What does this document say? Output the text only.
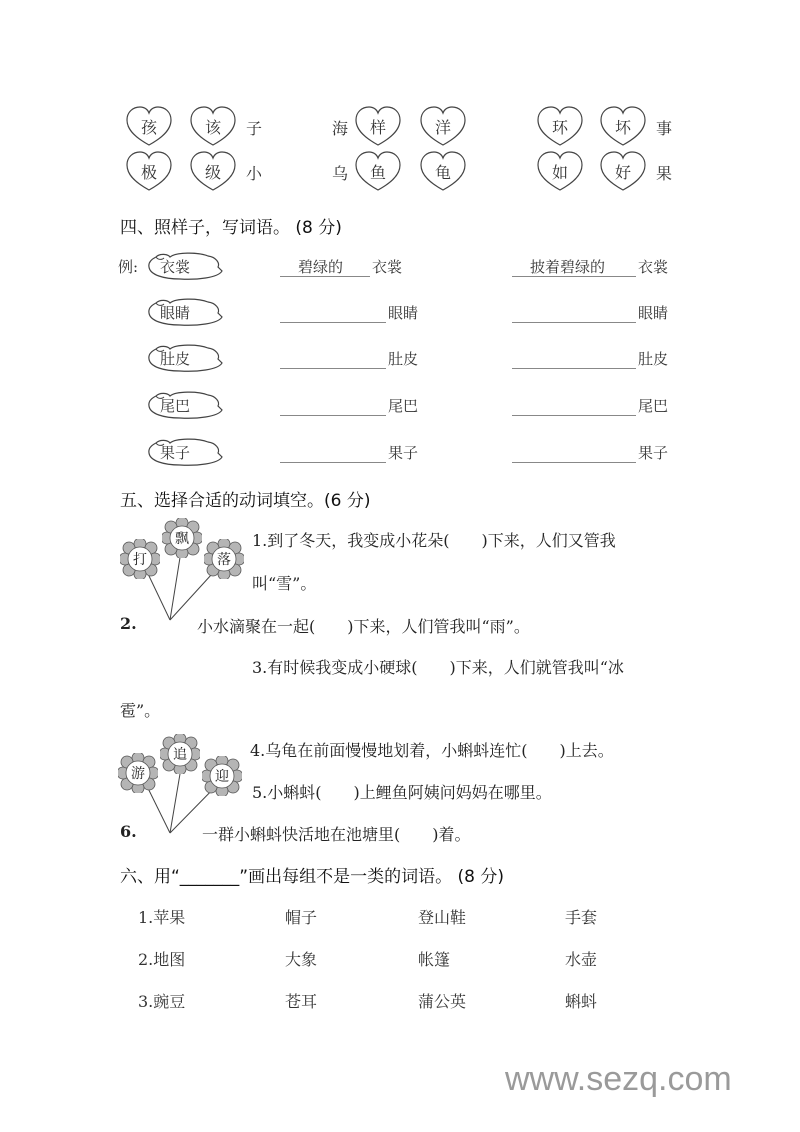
孩	该	子
极	级	小
海	样	洋
乌	鱼	龟
环	坏	事
如	好	果
四、照样子，写词语。 (8 分)
例: 衣裳	碧绿的 衣裳	披着碧绿的 衣裳
眼睛	眼睛	眼睛
肚皮	肚皮	肚皮
尾巴	尾巴	尾巴
果子	果子	果子
五、选择合适的动词填空。(6 分)
打
飘
落
1.到了冬天，我变成小花朵(　　)下来，人们又管我
叫“雪”。
2.	小水滴聚在一起(　　)下来，人们管我叫“雨”。
3.有时候我变成小硬球(　　)下来，人们就管我叫“冰
雹”。
游
追
迎
4.乌龟在前面慢慢地划着，小蝌蚪连忙(　　)上去。
5.小蝌蚪(　　)上鲤鱼阿姨问妈妈在哪里。
6.	一群小蝌蚪快活地在池塘里(　　)着。
六、用“_______”画出每组不是一类的词语。 (8 分)
1.苹果	帽子	登山鞋	手套
2.地图	大象	帐篷	水壶
3.豌豆	苍耳	蒲公英	蝌蚪
www.sezq.com
